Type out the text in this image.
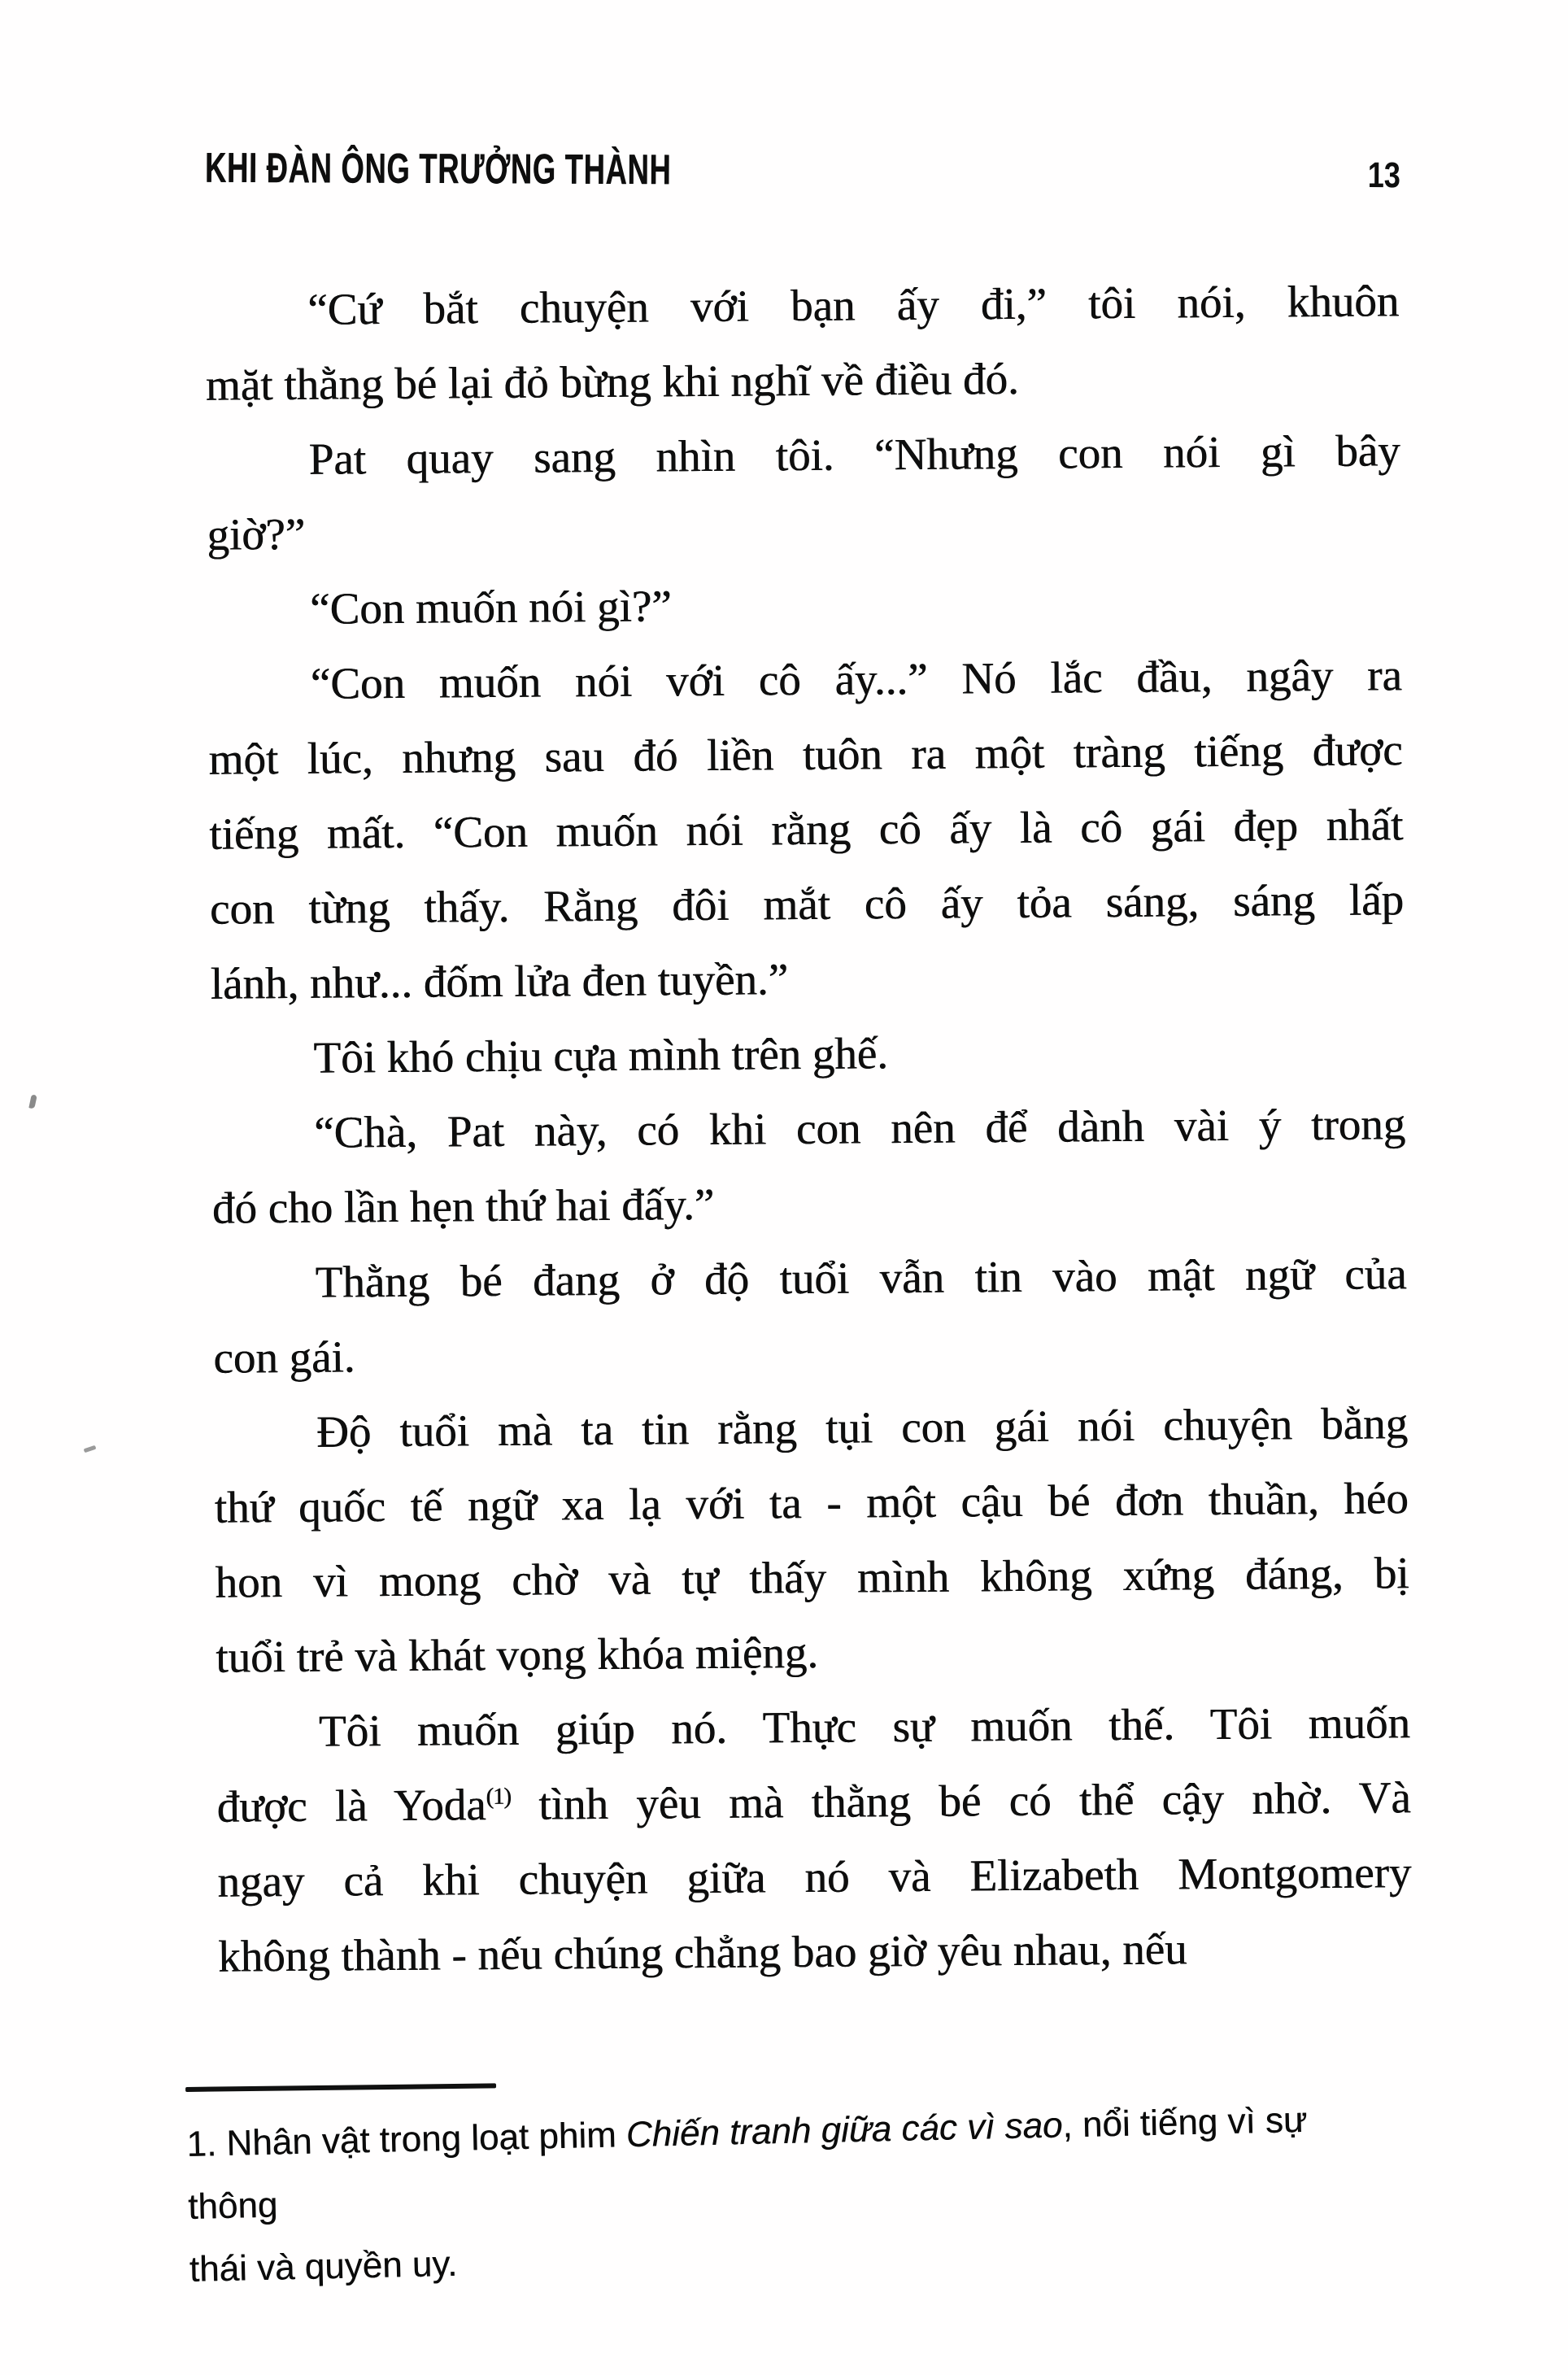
KHI ĐÀN ÔNG TRƯỞNG THÀNH	13
“Cứ bắt chuyện với bạn ấy đi,” tôi nói, khuôn
mặt thằng bé lại đỏ bừng khi nghĩ về điều đó.
Pat quay sang nhìn tôi. “Nhưng con nói gì bây
giờ?”
“Con muốn nói gì?”
“Con muốn nói với cô ấy...” Nó lắc đầu, ngây ra
một lúc, nhưng sau đó liền tuôn ra một tràng tiếng được
tiếng mất. “Con muốn nói rằng cô ấy là cô gái đẹp nhất
con từng thấy. Rằng đôi mắt cô ấy tỏa sáng, sáng lấp
lánh, như... đốm lửa đen tuyền.”
Tôi khó chịu cựa mình trên ghế.
“Chà, Pat này, có khi con nên để dành vài ý trong
đó cho lần hẹn thứ hai đấy.”
Thằng bé đang ở độ tuổi vẫn tin vào mật ngữ của
con gái.
Độ tuổi mà ta tin rằng tụi con gái nói chuyện bằng
thứ quốc tế ngữ xa lạ với ta - một cậu bé đơn thuần, héo
hon vì mong chờ và tự thấy mình không xứng đáng, bị
tuổi trẻ và khát vọng khóa miệng.
Tôi muốn giúp nó. Thực sự muốn thế. Tôi muốn
được là Yoda$^{(1)}$ tình yêu mà thằng bé có thể cậy nhờ. Và
ngay cả khi chuyện giữa nó và Elizabeth Montgomery
không thành - nếu chúng chẳng bao giờ yêu nhau, nếu
1. Nhân vật trong loạt phim Chiến tranh giữa các vì sao, nổi tiếng vì sự thông
thái và quyền uy.
